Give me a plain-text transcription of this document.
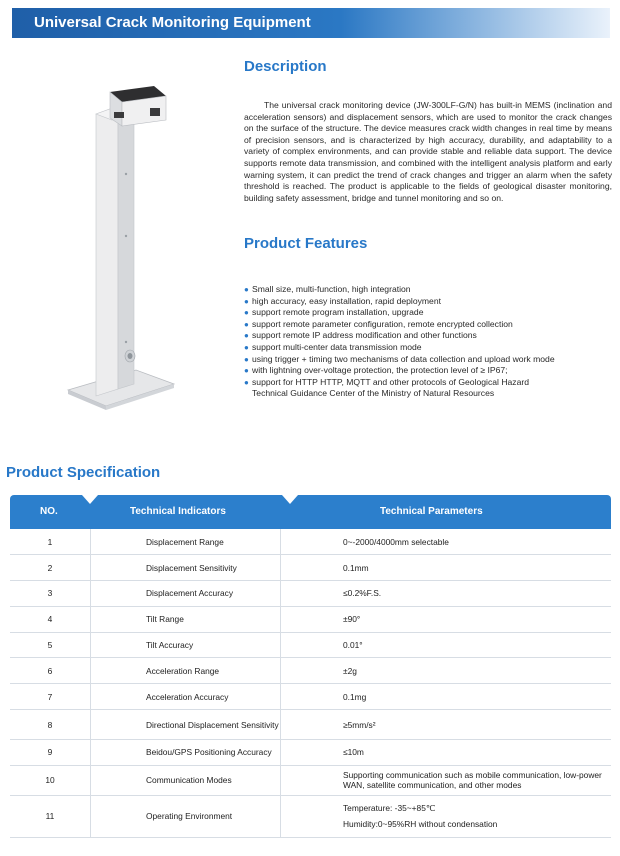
Universal Crack Monitoring Equipment
Description

The universal crack monitoring device (JW-300LF-G/N) has built-in MEMS (inclination and acceleration sensors) and displacement sensors, which are used to monitor the crack changes on the surface of the structure. The device measures crack width changes in real time by means of precision sensors, and is characterized by high accuracy, durability, and adaptability to a variety of complex environments, and can provide stable and reliable data support. The device supports remote data transmission, and combined with the intelligent analysis platform and early warning system, it can predict the trend of crack changes and trigger an alarm when the safety threshold is reached. The product is applicable to the fields of geological disaster monitoring, building safety assessment, bridge and tunnel monitoring and so on.

Product Features
● Small size, multi-function, high integration
● high accuracy, easy installation, rapid deployment
● support remote program installation, upgrade
● support remote parameter configuration, remote encrypted collection
● support remote IP address modification and other functions
● support multi-center data transmission mode
● using trigger + timing two mechanisms of data collection and upload work mode
● with lightning over-voltage protection, the protection level of ≥ IP67;
● support for HTTP HTTP, MQTT and other protocols of Geological Hazard Technical Guidance Center of the Ministry of Natural Resources
Product Specification
NO.	Technical Indicators	Technical Parameters
1	Displacement Range	0~-2000/4000mm selectable
2	Displacement Sensitivity	0.1mm
3	Displacement Accuracy	≤0.2%F.S.
4	Tilt Range	±90°
5	Tilt Accuracy	0.01°
6	Acceleration Range	±2g
7	Acceleration Accuracy	0.1mg
8	Directional Displacement Sensitivity	≥5mm/s²
9	Beidou/GPS Positioning Accuracy	≤10m
10	Communication Modes	Supporting communication such as mobile communication, low-power WAN, satellite communication, and other modes
11	Operating Environment	Temperature: -35~+85℃
Humidity:0~95%RH without condensation
